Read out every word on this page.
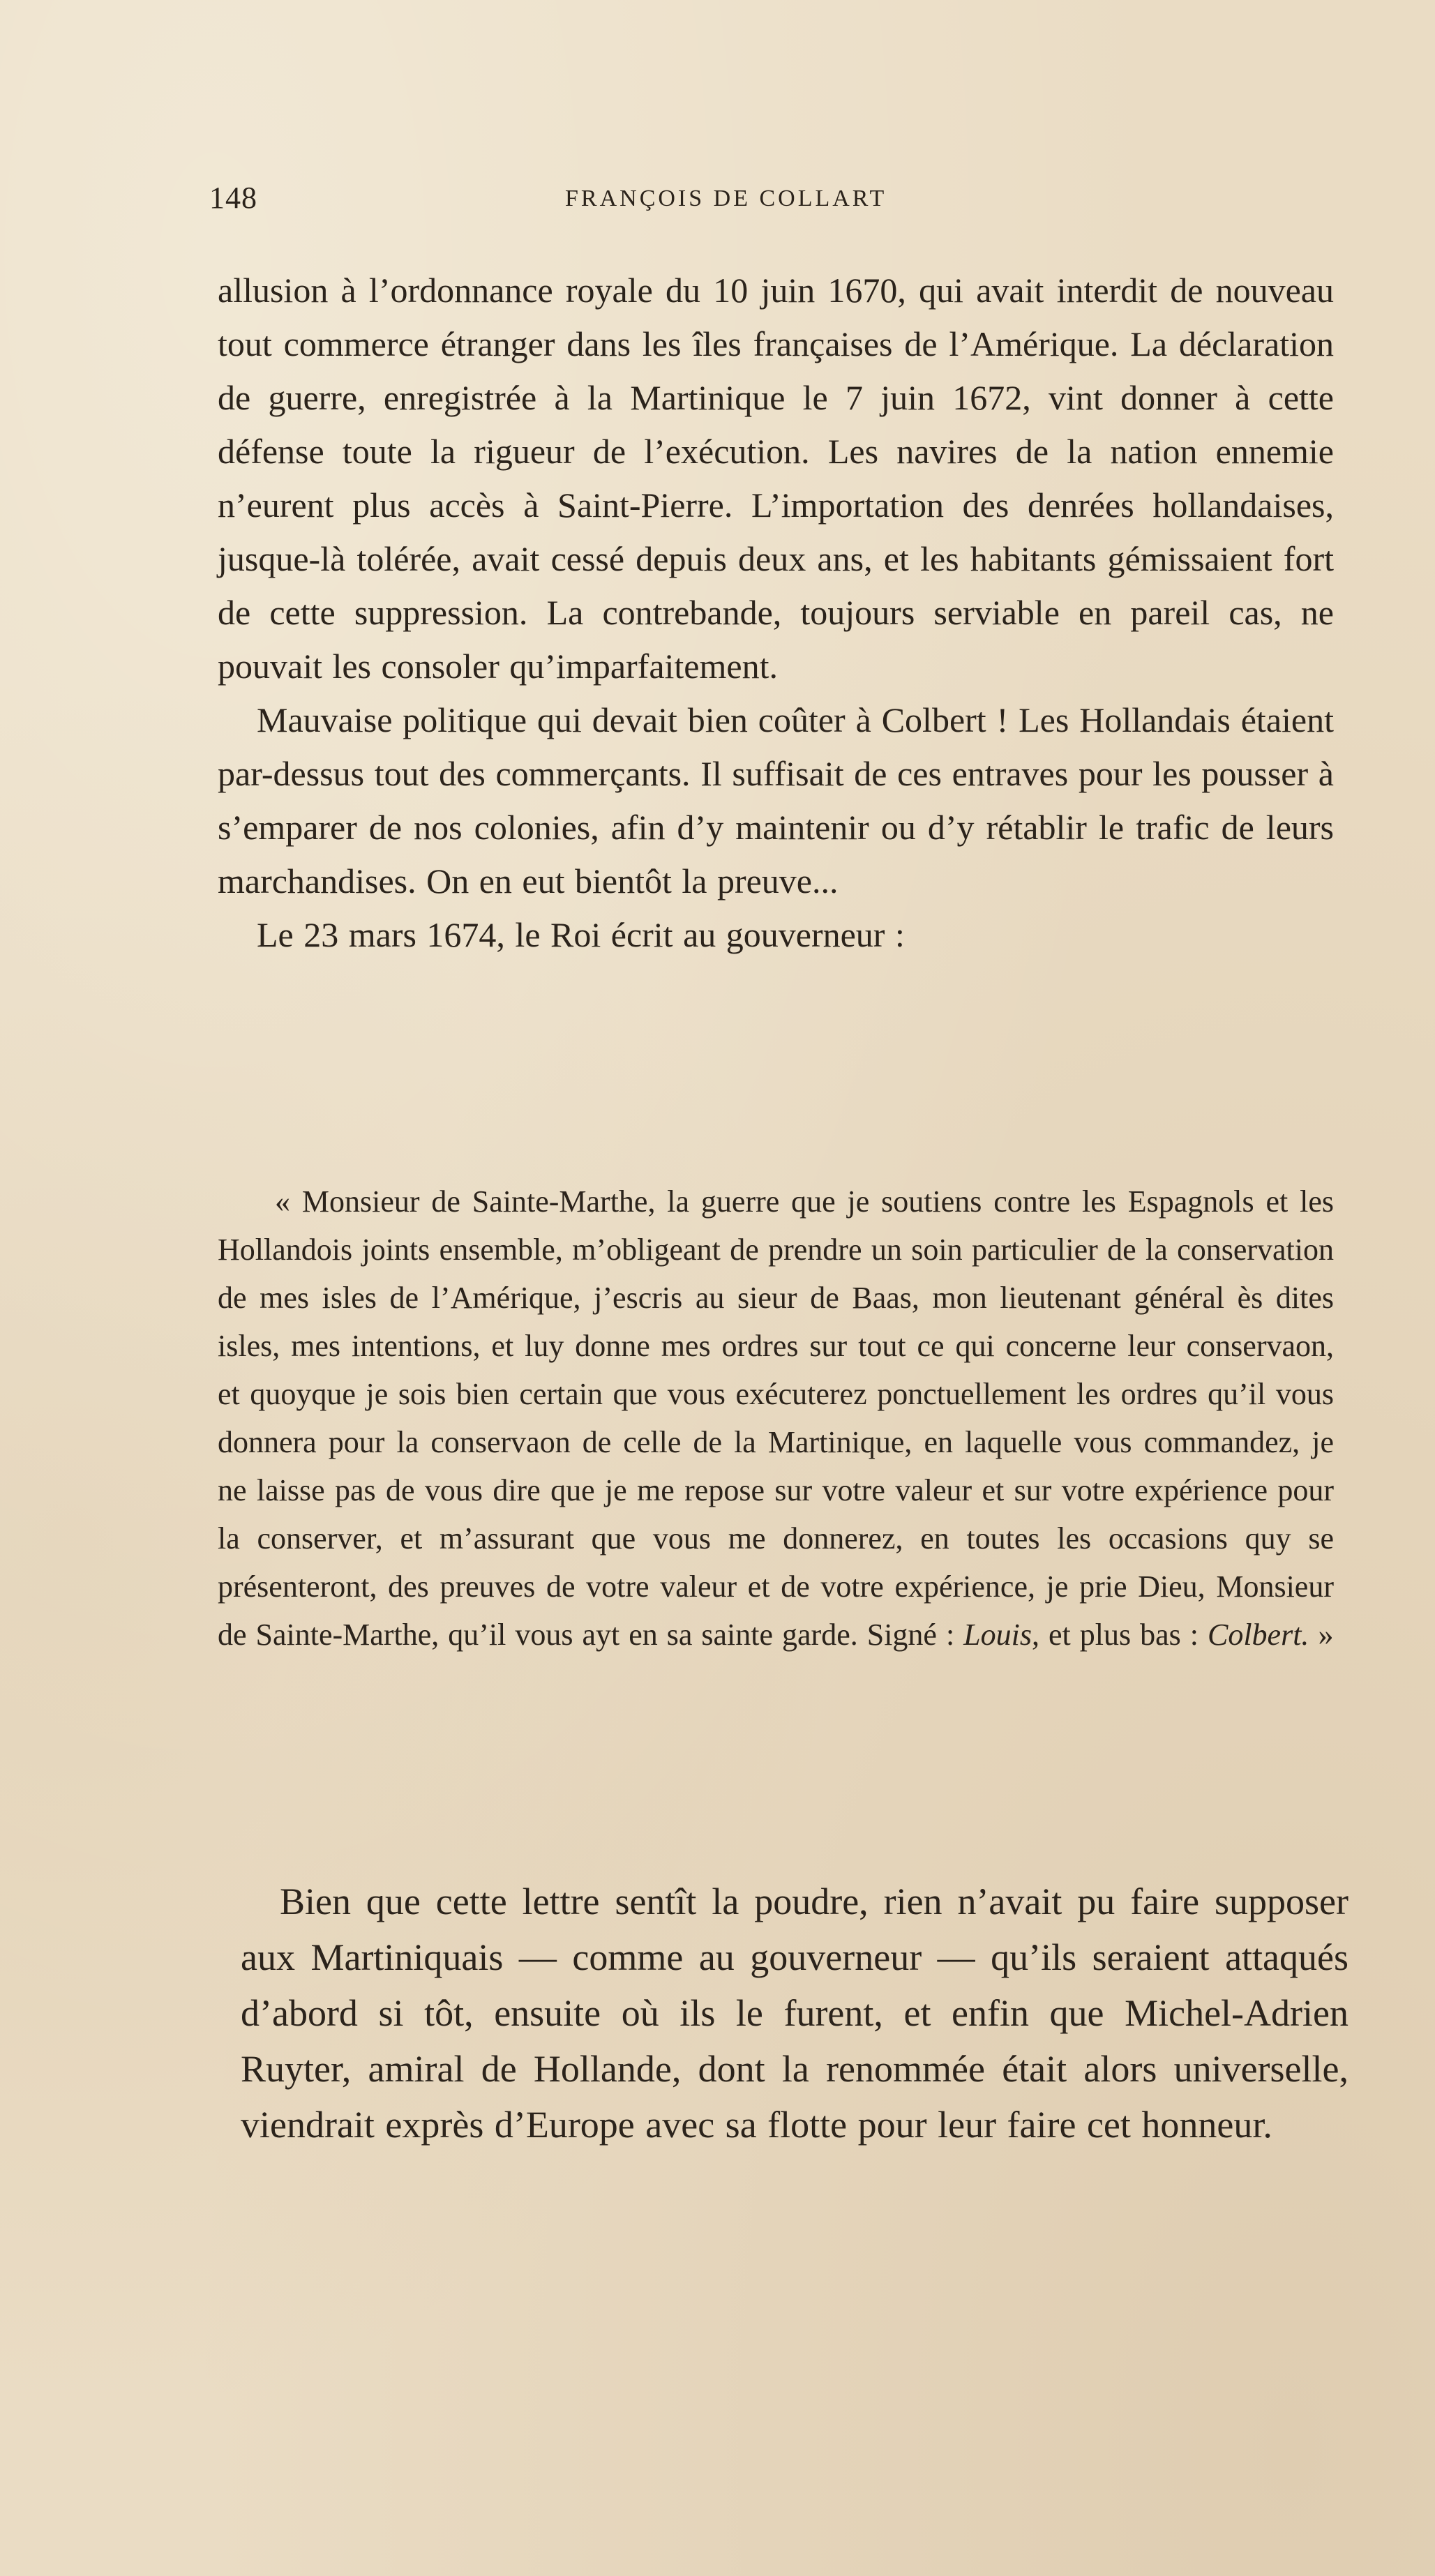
148	FRANÇOIS DE COLLART

allusion à l’ordonnance royale du 10 juin 1670, qui avait interdit de nouveau tout commerce étranger dans les îles françaises de l’Amérique. La déclaration de guerre, enregistrée à la Martinique le 7 juin 1672, vint donner à cette défense toute la rigueur de l’exécution. Les navires de la nation ennemie n’eurent plus accès à Saint-Pierre. L’importation des denrées hollandaises, jusque-là tolérée, avait cessé depuis deux ans, et les habitants gémissaient fort de cette suppression. La contrebande, toujours serviable en pareil cas, ne pouvait les consoler qu’imparfaitement.

Mauvaise politique qui devait bien coûter à Colbert ! Les Hollandais étaient par-dessus tout des commerçants. Il suffisait de ces entraves pour les pousser à s’emparer de nos colonies, afin d’y maintenir ou d’y rétablir le trafic de leurs marchandises. On en eut bientôt la preuve...

Le 23 mars 1674, le Roi écrit au gouverneur :

« Monsieur de Sainte-Marthe, la guerre que je soutiens contre les Espagnols et les Hollandois joints ensemble, m’obligeant de prendre un soin particulier de la conservation de mes isles de l’Amérique, j’escris au sieur de Baas, mon lieutenant général ès dites isles, mes intentions, et luy donne mes ordres sur tout ce qui concerne leur conservaon, et quoyque je sois bien certain que vous exécuterez ponctuellement les ordres qu’il vous donnera pour la conservaon de celle de la Martinique, en laquelle vous commandez, je ne laisse pas de vous dire que je me repose sur votre valeur et sur votre expérience pour la conserver, et m’assurant que vous me donnerez, en toutes les occasions quy se présenteront, des preuves de votre valeur et de votre expérience, je prie Dieu, Monsieur de Sainte-Marthe, qu’il vous ayt en sa sainte garde. Signé : Louis, et plus bas : Colbert. »

Bien que cette lettre sentît la poudre, rien n’avait pu faire supposer aux Martiniquais — comme au gouverneur — qu’ils seraient attaqués d’abord si tôt, ensuite où ils le furent, et enfin que Michel-Adrien Ruyter, amiral de Hollande, dont la renommée était alors universelle, viendrait exprès d’Europe avec sa flotte pour leur faire cet honneur.
